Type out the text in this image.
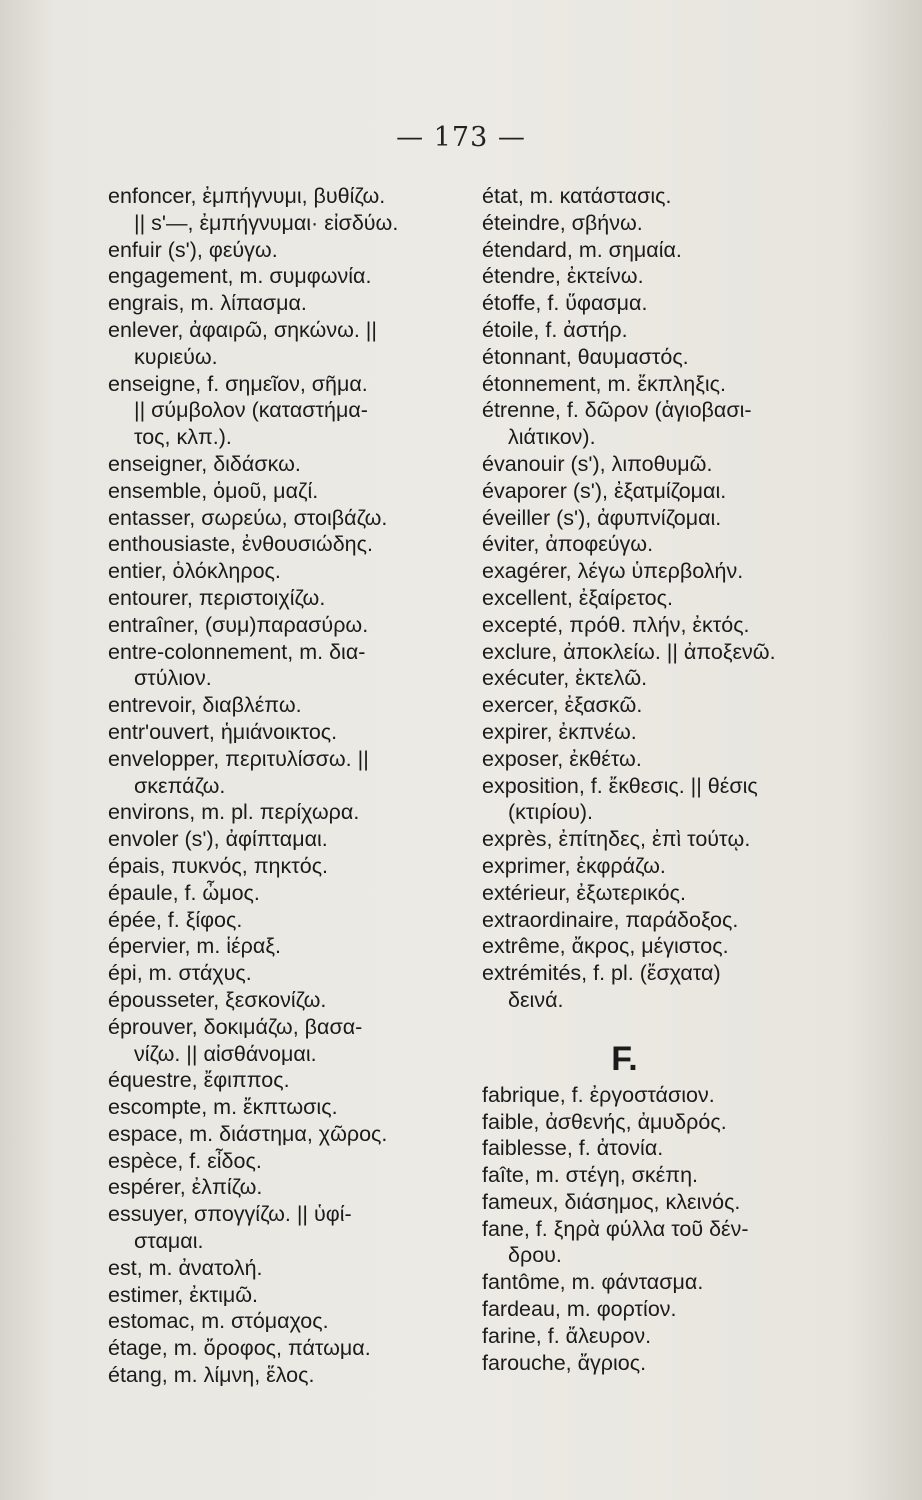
— 173 —
enfoncer, ἐμπήγνυμι, βυθίζω.
|| s'—, ἐμπήγνυμαι· εἰσδύω.
enfuir (s'), φεύγω.
engagement, m. συμφωνία.
engrais, m. λίπασμα.
enlever, ἀφαιρῶ, σηκώνω. ||
κυριεύω.
enseigne, f. σημεῖον, σῆμα.
|| σύμβολον (καταστήμα-
τος, κλπ.).
enseigner, διδάσκω.
ensemble, ὁμοῦ, μαζί.
entasser, σωρεύω, στοιβάζω.
enthousiaste, ἐνθουσιώδης.
entier, ὁλόκληρος.
entourer, περιστοιχίζω.
entraîner, (συμ)παρασύρω.
entre-colonnement, m. δια-
στύλιον.
entrevoir, διαβλέπω.
entr'ouvert, ἡμιάνοικτος.
envelopper, περιτυλίσσω. ||
σκεπάζω.
environs, m. pl. περίχωρα.
envoler (s'), ἀφίπταμαι.
épais, πυκνός, πηκτός.
épaule, f. ὦμος.
épée, f. ξίφος.
épervier, m. ἱέραξ.
épi, m. στάχυς.
épousseter, ξεσκονίζω.
éprouver, δοκιμάζω, βασα-
νίζω. || αἰσθάνομαι.
équestre, ἔφιππος.
escompte, m. ἔκπτωσις.
espace, m. διάστημα, χῶρος.
espèce, f. εἶδος.
espérer, ἐλπίζω.
essuyer, σπογγίζω. || ὑφί-
σταμαι.
est, m. ἀνατολή.
estimer, ἐκτιμῶ.
estomac, m. στόμαχος.
étage, m. ὄροφος, πάτωμα.
étang, m. λίμνη, ἕλος.
état, m. κατάστασις.
éteindre, σβήνω.
étendard, m. σημαία.
étendre, ἐκτείνω.
étoffe, f. ὕφασμα.
étoile, f. ἀστήρ.
étonnant, θαυμαστός.
étonnement, m. ἔκπληξις.
étrenne, f. δῶρον (ἁγιοβασι-
λιάτικον).
évanouir (s'), λιποθυμῶ.
évaporer (s'), ἐξατμίζομαι.
éveiller (s'), ἀφυπνίζομαι.
éviter, ἀποφεύγω.
exagérer, λέγω ὑπερβολήν.
excellent, ἐξαίρετος.
excepté, πρόθ. πλήν, ἐκτός.
exclure, ἀποκλείω. || ἀποξενῶ.
exécuter, ἐκτελῶ.
exercer, ἐξασκῶ.
expirer, ἐκπνέω.
exposer, ἐκθέτω.
exposition, f. ἔκθεσις. || θέσις
(κτιρίου).
exprès, ἐπίτηδες, ἐπὶ τούτῳ.
exprimer, ἐκφράζω.
extérieur, ἐξωτερικός.
extraordinaire, παράδοξος.
extrême, ἄκρος, μέγιστος.
extrémités, f. pl. (ἔσχατα)
δεινά.
F.
fabrique, f. ἐργοστάσιον.
faible, ἀσθενής, ἀμυδρός.
faiblesse, f. ἀτονία.
faîte, m. στέγη, σκέπη.
fameux, διάσημος, κλεινός.
fane, f. ξηρὰ φύλλα τοῦ δέν-
δρου.
fantôme, m. φάντασμα.
fardeau, m. φορτίον.
farine, f. ἄλευρον.
farouche, ἄγριος.
